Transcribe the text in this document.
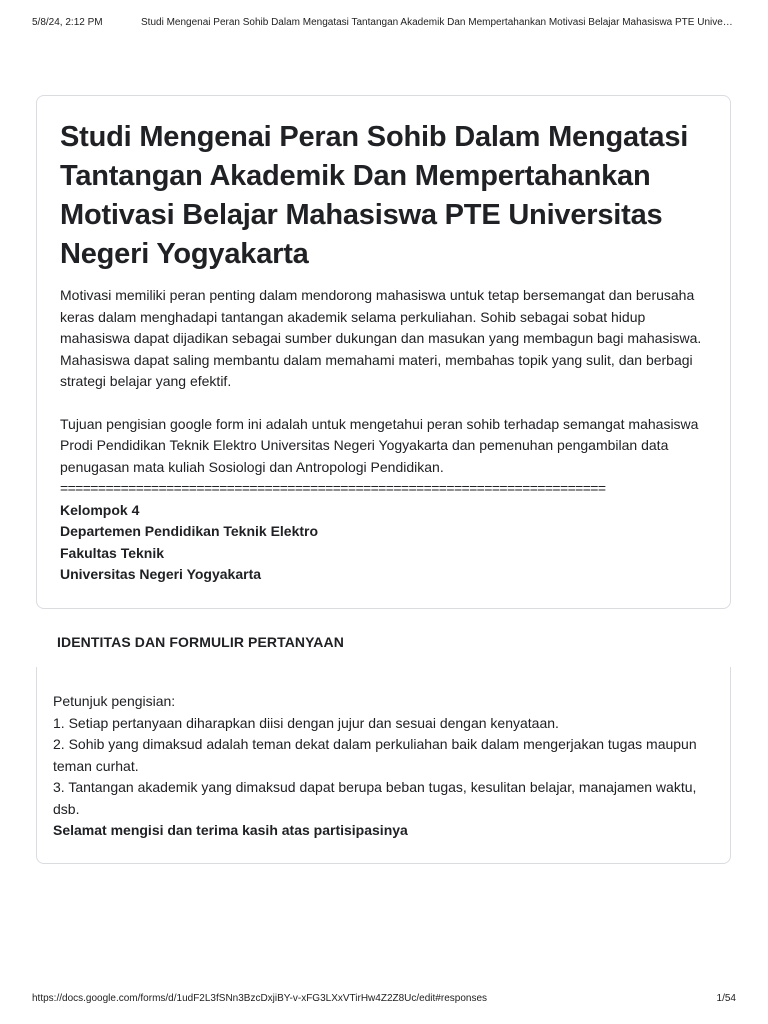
5/8/24, 2:12 PM	Studi Mengenai Peran Sohib Dalam Mengatasi Tantangan Akademik Dan Mempertahankan Motivasi Belajar Mahasiswa PTE Unive…
Studi Mengenai Peran Sohib Dalam Mengatasi Tantangan Akademik Dan Mempertahankan Motivasi Belajar Mahasiswa PTE Universitas Negeri Yogyakarta

Motivasi memiliki peran penting dalam mendorong mahasiswa untuk tetap bersemangat dan berusaha keras dalam menghadapi tantangan akademik selama perkuliahan. Sohib sebagai sobat hidup mahasiswa dapat dijadikan sebagai sumber dukungan dan masukan yang membagun bagi mahasiswa. Mahasiswa dapat saling membantu dalam memahami materi, membahas topik yang sulit, dan berbagi strategi belajar yang efektif.

Tujuan pengisian google form ini adalah untuk mengetahui peran sohib terhadap semangat mahasiswa Prodi Pendidikan Teknik Elektro Universitas Negeri Yogyakarta dan pemenuhan pengambilan data penugasan mata kuliah Sosiologi dan Antropologi Pendidikan.

========================================================================

Kelompok 4

Departemen Pendidikan Teknik Elektro

Fakultas Teknik

Universitas Negeri Yogyakarta

IDENTITAS DAN FORMULIR PERTANYAAN

Petunjuk pengisian:

1. Setiap pertanyaan diharapkan diisi dengan jujur dan sesuai dengan kenyataan.

2. Sohib yang dimaksud adalah teman dekat dalam perkuliahan baik dalam mengerjakan tugas maupun teman curhat.

3. Tantangan akademik yang dimaksud dapat berupa beban tugas, kesulitan belajar, manajamen waktu, dsb.

Selamat mengisi dan terima kasih atas partisipasinya

https://docs.google.com/forms/d/1udF2L3fSNn3BzcDxjiBY-v-xFG3LXxVTirHw4Z2Z8Uc/edit#responses	1/54
